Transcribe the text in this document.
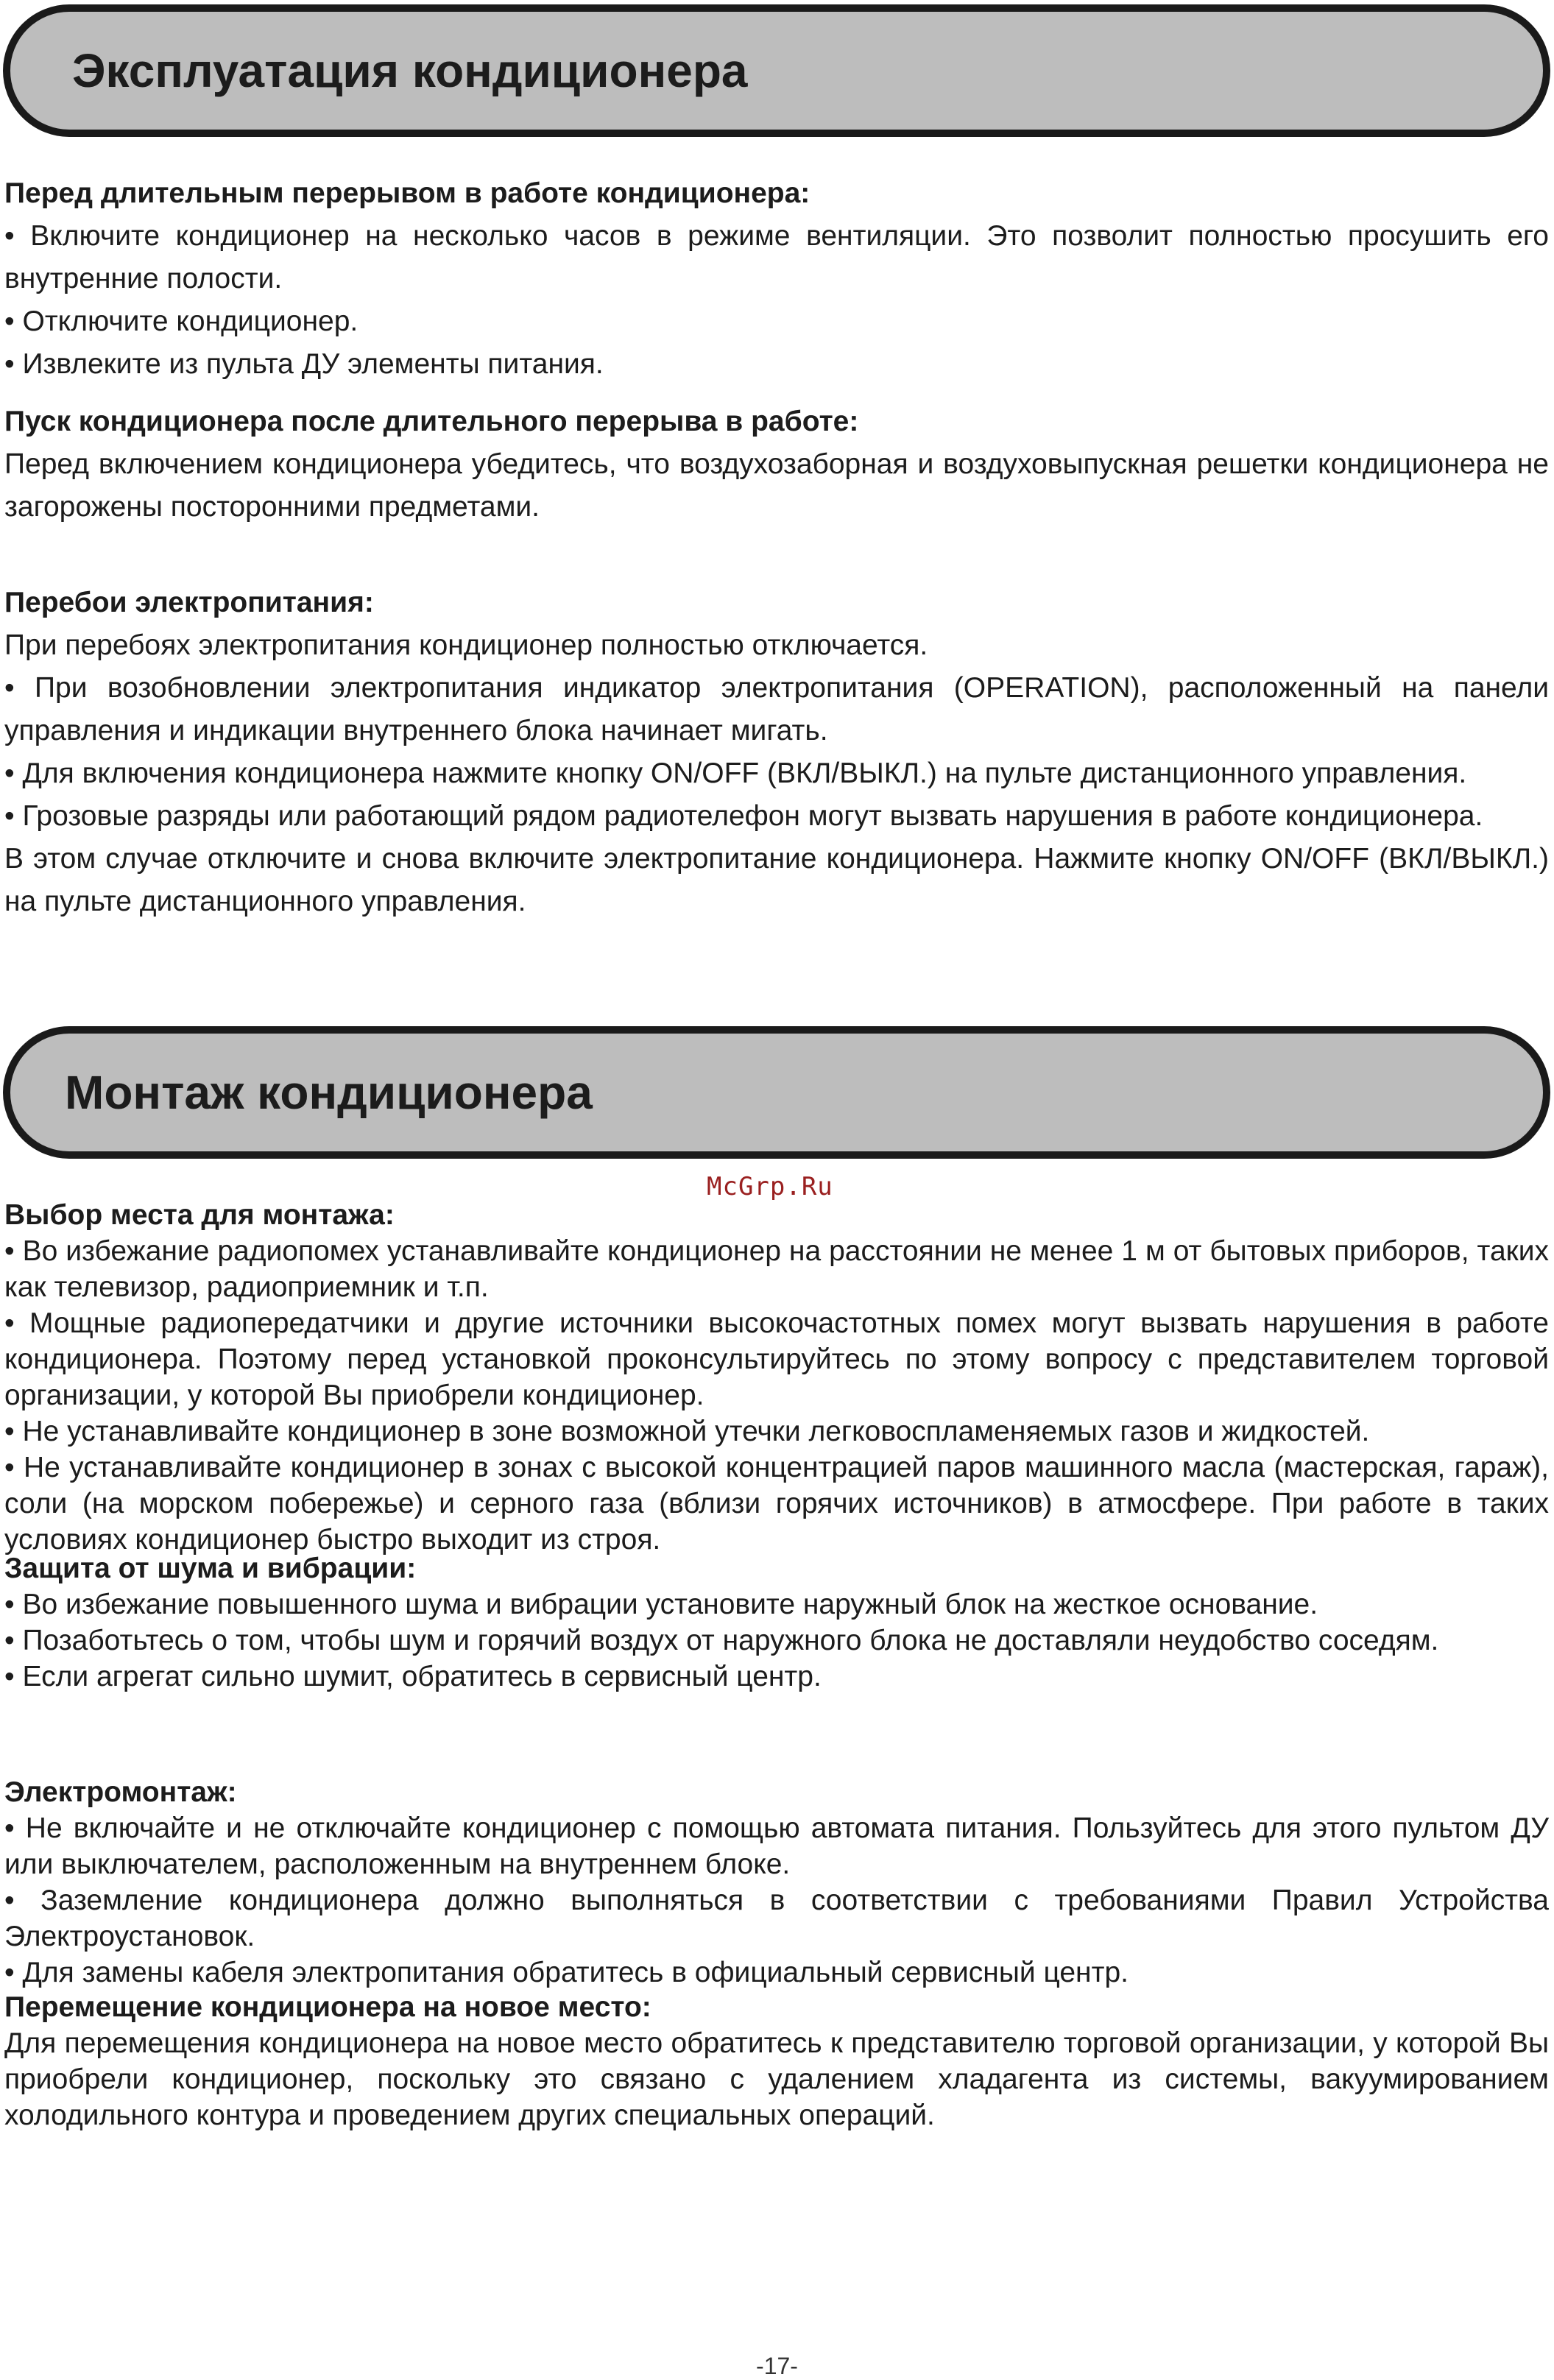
Эксплуатация кондиционера
Перед длительным перерывом в работе кондиционера:

• Включите кондиционер на несколько часов в режиме вентиляции. Это позволит полностью просушить его внутренние полости.

• Отключите кондиционер.

• Извлеките из пульта ДУ элементы питания.

Пуск кондиционера после длительного перерыва в работе:

Перед включением кондиционера убедитесь, что воздухозаборная и воздуховыпускная решетки кондиционера не загорожены посторонними предметами.

Перебои электропитания:

При перебоях электропитания кондиционер полностью отключается.

• При возобновлении электропитания индикатор электропитания (OPERATION), расположенный на панели управления и индикации внутреннего блока начинает мигать.

• Для включения кондиционера нажмите кнопку ON/OFF (ВКЛ/ВЫКЛ.) на пульте дистанционного управления.

• Грозовые разряды или работающий рядом радиотелефон могут вызвать нарушения в работе кондиционера.

В этом случае отключите и снова включите электропитание кондиционера. Нажмите кнопку ON/OFF (ВКЛ/ВЫКЛ.) на пульте дистанционного управления.

Монтаж кондиционера
McGrp.Ru
Выбор места для монтажа:

• Во избежание радиопомех устанавливайте кондиционер на расстоянии не менее 1 м от бытовых приборов, таких как телевизор, радиоприемник и т.п.

• Мощные радиопередатчики и другие источники высокочастотных помех могут вызвать нарушения в работе кондиционера. Поэтому перед установкой проконсультируйтесь по этому вопросу с представителем торговой организации, у которой Вы приобрели кондиционер.

• Не устанавливайте кондиционер в зоне возможной утечки легковоспламеняемых газов и жидкостей.

• Не устанавливайте кондиционер в зонах с высокой концентрацией паров машинного масла (мастерская, гараж), соли (на морском побережье) и серного газа (вблизи горячих источников) в атмосфере. При работе в таких условиях кондиционер быстро выходит из строя.

Защита от шума и вибрации:

• Во избежание повышенного шума и вибрации установите наружный блок на жесткое основание.

• Позаботьтесь о том, чтобы шум и горячий воздух от наружного блока не доставляли неудобство соседям.

• Если агрегат сильно шумит, обратитесь в сервисный центр.

Электромонтаж:

• Не включайте и не отключайте кондиционер с помощью автомата питания. Пользуйтесь для этого пультом ДУ или выключателем, расположенным на внутреннем блоке.

• Заземление кондиционера должно выполняться в соответствии с требованиями Правил Устройства Электроустановок.

• Для замены кабеля электропитания обратитесь в официальный сервисный центр.

Перемещение кондиционера на новое место:

Для перемещения кондиционера на новое место обратитесь к представителю торговой организации, у которой Вы приобрели кондиционер, поскольку это связано с удалением хладагента из системы, вакуумированием холодильного контура и проведением других специальных операций.

-17-
